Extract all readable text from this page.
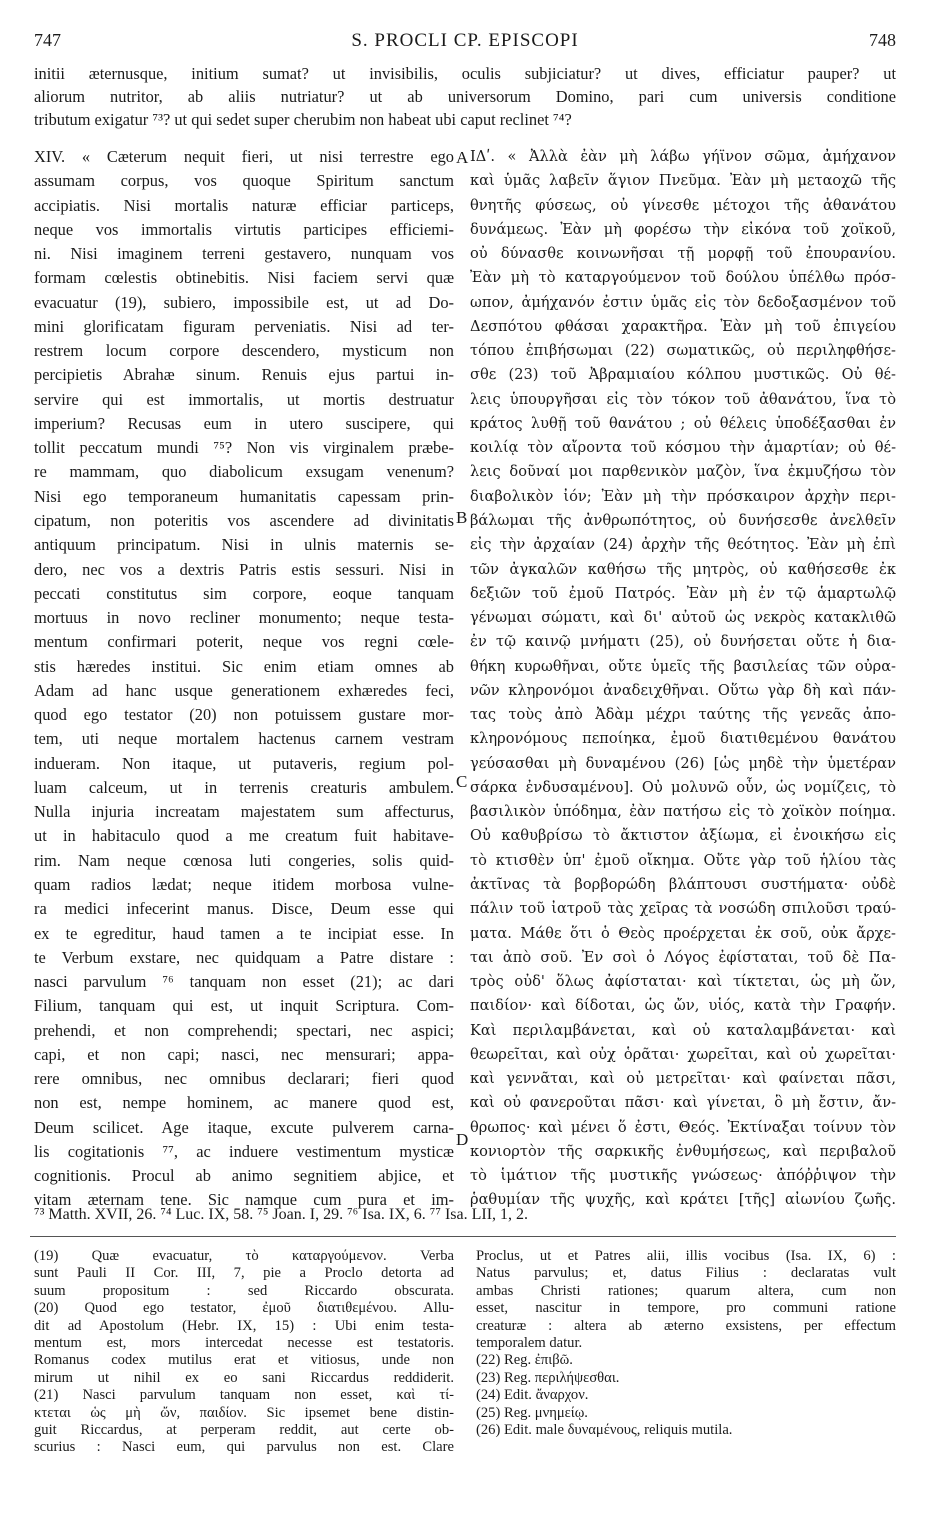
747	S. PROCLI CP. EPISCOPI	748
initii æternusque, initium sumat? ut invisibilis, oculis subjiciatur? ut dives, efficiatur pauper? ut
aliorum nutritor, ab aliis nutriatur? ut ab universorum Domino, pari cum universis conditione
tributum exigatur ⁷³? ut qui sedet super cherubim non habeat ubi caput reclinet ⁷⁴?
XIV. « Cæterum nequit fieri, ut nisi terrestre ego
assumam corpus, vos quoque Spiritum sanctum
accipiatis. Nisi mortalis naturæ efficiar particeps,
neque vos immortalis virtutis participes efficiemi-
ni. Nisi imaginem terreni gestavero, nunquam vos
formam cœlestis obtinebitis. Nisi faciem servi quæ
evacuatur (19), subiero, impossibile est, ut ad Do-
mini glorificatam figuram perveniatis. Nisi ad ter-
restrem locum corpore descendero, mysticum non
percipietis Abrahæ sinum. Renuis ejus partui in-
servire qui est immortalis, ut mortis destruatur
imperium? Recusas eum in utero suscipere, qui
tollit peccatum mundi ⁷⁵? Non vis virginalem præbe-
re mammam, quo diabolicum exsugam venenum?
Nisi ego temporaneum humanitatis capessam prin-
cipatum, non poteritis vos ascendere ad divinitatis
antiquum principatum. Nisi in ulnis maternis se-
dero, nec vos a dextris Patris estis sessuri. Nisi in
peccati constitutus sim corpore, eoque tanquam
mortuus in novo recliner monumento; neque testa-
mentum confirmari poterit, neque vos regni cœle-
stis hæredes institui. Sic enim etiam omnes ab
Adam ad hanc usque generationem exhæredes feci,
quod ego testator (20) non potuissem gustare mor-
tem, uti neque mortalem hactenus carnem vestram
indueram. Non itaque, ut putaveris, regium pol-
luam calceum, ut in terrenis creaturis ambulem.
Nulla injuria increatam majestatem sum affecturus,
ut in habitaculo quod a me creatum fuit habitave-
rim. Nam neque cœnosa luti congeries, solis quid-
quam radios lædat; neque itidem morbosa vulne-
ra medici infecerint manus. Disce, Deum esse qui
ex te egreditur, haud tamen a te incipiat esse. In
te Verbum exstare, nec quidquam a Patre distare :
nasci parvulum ⁷⁶ tanquam non esset (21); ac dari
Filium, tanquam qui est, ut inquit Scriptura. Com-
prehendi, et non comprehendi; spectari, nec aspici;
capi, et non capi; nasci, nec mensurari; appa-
rere omnibus, nec omnibus declarari; fieri quod
non est, nempe hominem, ac manere quod est,
Deum scilicet. Age itaque, excute pulverem carna-
lis cogitationis ⁷⁷, ac induere vestimentum mysticæ
cognitionis. Procul ab animo segnitiem abjice, et
vitam æternam tene. Sic namque cum pura et im-
ΙΔʹ. « Ἀλλὰ ἐὰν μὴ λάβω γήϊνον σῶμα, ἀμήχανον
καὶ ὑμᾶς λαβεῖν ἅγιον Πνεῦμα. Ἐὰν μὴ μεταοχῶ τῆς
θνητῆς φύσεως, οὐ γίνεσθε μέτοχοι τῆς ἀθανάτου
δυνάμεως. Ἐὰν μὴ φορέσω τὴν εἰκόνα τοῦ χοϊκοῦ,
οὐ δύνασθε κοινωνῆσαι τῇ μορφῇ τοῦ ἐπουρανίου.
Ἐὰν μὴ τὸ καταργούμενον τοῦ δούλου ὑπέλθω πρόσ-
ωπον, ἀμήχανόν ἐστιν ὑμᾶς εἰς τὸν δεδοξασμένον τοῦ
Δεσπότου φθάσαι χαρακτῆρα. Ἐὰν μὴ τοῦ ἐπιγείου
τόπου ἐπιβήσωμαι (22) σωματικῶς, οὐ περιληφθήσε-
σθε (23) τοῦ Ἀβραμιαίου κόλπου μυστικῶς. Οὐ θέ-
λεις ὑπουργῆσαι εἰς τὸν τόκον τοῦ ἀθανάτου, ἵνα τὸ
κράτος λυθῇ τοῦ θανάτου ; οὐ θέλεις ὑποδέξασθαι ἐν
κοιλίᾳ τὸν αἴροντα τοῦ κόσμου τὴν ἁμαρτίαν; οὐ θέ-
λεις δοῦναί μοι παρθενικὸν μαζὸν, ἵνα ἐκμυζήσω τὸν
διαβολικὸν ἰόν; Ἐὰν μὴ τὴν πρόσκαιρον ἀρχὴν περι-
βάλωμαι τῆς ἀνθρωπότητος, οὐ δυνήσεσθε ἀνελθεῖν
εἰς τὴν ἀρχαίαν (24) ἀρχὴν τῆς θεότητος. Ἐὰν μὴ ἐπὶ
τῶν ἀγκαλῶν καθήσω τῆς μητρὸς, οὐ καθήσεσθε ἐκ
δεξιῶν τοῦ ἐμοῦ Πατρός. Ἐὰν μὴ ἐν τῷ ἁμαρτωλῷ
γένωμαι σώματι, καὶ δι' αὐτοῦ ὡς νεκρὸς κατακλιθῶ
ἐν τῷ καινῷ μνήματι (25), οὐ δυνήσεται οὔτε ἡ δια-
θήκη κυρωθῆναι, οὔτε ὑμεῖς τῆς βασιλείας τῶν οὐρα-
νῶν κληρονόμοι ἀναδειχθῆναι. Οὕτω γὰρ δὴ καὶ πάν-
τας τοὺς ἀπὸ Ἀδὰμ μέχρι ταύτης τῆς γενεᾶς ἀπο-
κληρονόμους πεποίηκα, ἐμοῦ διατιθεμένου θανάτου
γεύσασθαι μὴ δυναμένου (26) [ὡς μηδὲ τὴν ὑμετέραν
σάρκα ἐνδυσαμένου]. Οὐ μολυνῶ οὖν, ὡς νομίζεις, τὸ
βασιλικὸν ὑπόδημα, ἐὰν πατήσω εἰς τὸ χοϊκὸν ποίημα.
Οὐ καθυβρίσω τὸ ἄκτιστον ἀξίωμα, εἰ ἐνοικήσω εἰς
τὸ κτισθὲν ὑπ' ἐμοῦ οἴκημα. Οὔτε γὰρ τοῦ ἡλίου τὰς
ἀκτῖνας τὰ βορβορώδη βλάπτουσι συστήματα· οὐδὲ
πάλιν τοῦ ἰατροῦ τὰς χεῖρας τὰ νοσώδη σπιλοῦσι τραύ-
ματα. Μάθε ὅτι ὁ Θεὸς προέρχεται ἐκ σοῦ, οὐκ ἄρχε-
ται ἀπὸ σοῦ. Ἐν σοὶ ὁ Λόγος ἐφίσταται, τοῦ δὲ Πα-
τρὸς οὐδ' ὅλως ἀφίσταται· καὶ τίκτεται, ὡς μὴ ὤν,
παιδίον· καὶ δίδοται, ὡς ὤν, υἱός, κατὰ τὴν Γραφήν.
Καὶ περιλαμβάνεται, καὶ οὐ καταλαμβάνεται· καὶ
θεωρεῖται, καὶ οὐχ ὁρᾶται· χωρεῖται, καὶ οὐ χωρεῖται·
καὶ γεννᾶται, καὶ οὐ μετρεῖται· καὶ φαίνεται πᾶσι,
καὶ οὐ φανεροῦται πᾶσι· καὶ γίνεται, ὃ μὴ ἔστιν, ἄν-
θρωπος· καὶ μένει ὅ ἐστι, Θεός. Ἐκτίναξαι τοίνυν τὸν
κονιορτὸν τῆς σαρκικῆς ἐνθυμήσεως, καὶ περιβαλοῦ
τὸ ἱμάτιον τῆς μυστικῆς γνώσεως· ἀπόῤῥιψον τὴν
ῥαθυμίαν τῆς ψυχῆς, καὶ κράτει [τῆς] αἰωνίου ζωῆς.
A
B
C
D
⁷³ Matth. XVII, 26. ⁷⁴ Luc. IX, 58. ⁷⁵ Joan. I, 29. ⁷⁶ Isa. IX, 6. ⁷⁷ Isa. LII, 1, 2.
(19) Quæ evacuatur, τὸ καταργούμενον. Verba
sunt Pauli II Cor. III, 7, pie a Proclo detorta ad
suum propositum : sed Riccardo obscurata.
(20) Quod ego testator, ἐμοῦ διατιθεμένου. Allu-
dit ad Apostolum (Hebr. IX, 15) : Ubi enim testa-
mentum est, mors intercedat necesse est testatoris.
Romanus codex mutilus erat et vitiosus, unde non
mirum ut nihil ex eo sani Riccardus reddiderit.
(21) Nasci parvulum tanquam non esset, καὶ τί-
κτεται ὡς μὴ ὤν, παιδίον. Sic ipsemet bene distin-
guit Riccardus, at perperam reddit, aut certe ob-
scurius : Nasci eum, qui parvulus non est. Clare
Proclus, ut et Patres alii, illis vocibus (Isa. IX, 6) :
Natus parvulus; et, datus Filius : declaratas vult
ambas Christi rationes; quarum altera, cum non
esset, nascitur in tempore, pro communi ratione
creaturæ : altera ab æterno exsistens, per effectum
temporalem datur.
(22) Reg. ἐπιβῶ.
(23) Reg. περιλήψεσθαι.
(24) Edit. ἄναρχον.
(25) Reg. μνημείῳ.
(26) Edit. male δυναμένους, reliquis mutila.
